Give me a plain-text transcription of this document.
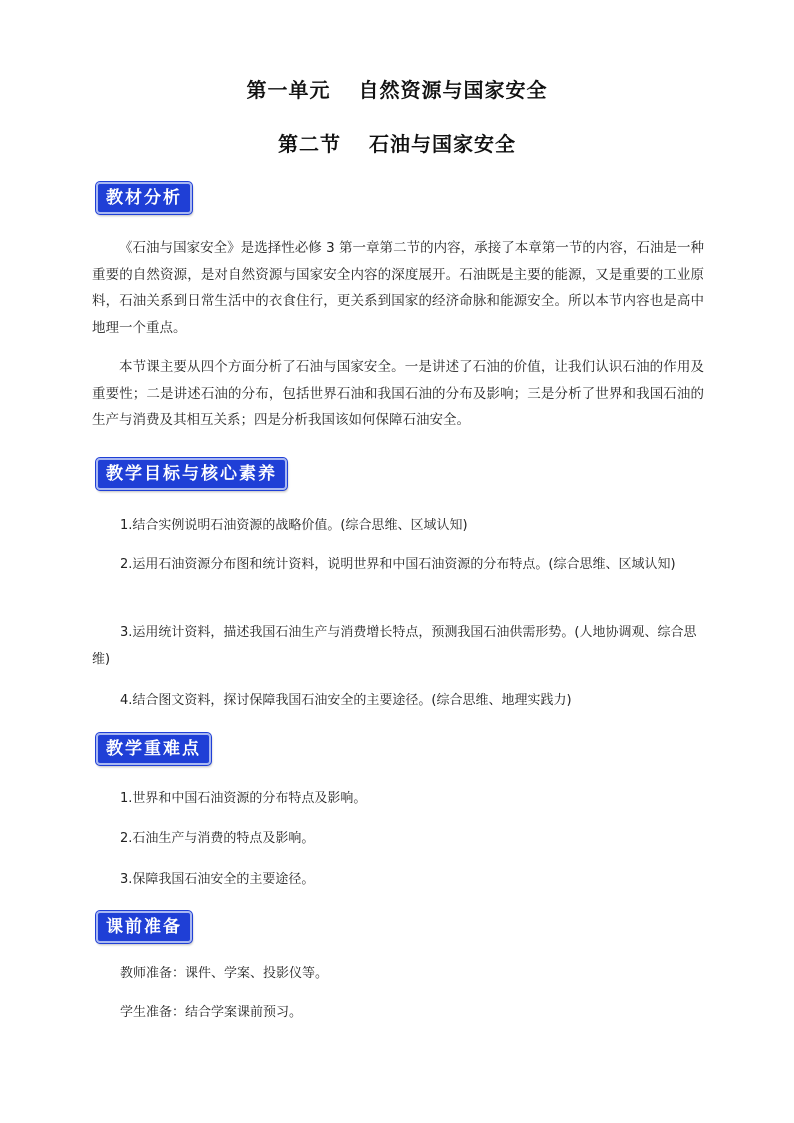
第一单元 自然资源与国家安全
第二节 石油与国家安全
教材分析

《石油与国家安全》是选择性必修 3 第一章第二节的内容，承接了本章第一节的内容，石油是一种重要的自然资源，是对自然资源与国家安全内容的深度展开。石油既是主要的能源，又是重要的工业原料，石油关系到日常生活中的衣食住行，更关系到国家的经济命脉和能源安全。所以本节内容也是高中地理一个重点。

本节课主要从四个方面分析了石油与国家安全。一是讲述了石油的价值，让我们认识石油的作用及重要性；二是讲述石油的分布，包括世界石油和我国石油的分布及影响；三是分析了世界和我国石油的生产与消费及其相互关系；四是分析我国该如何保障石油安全。

教学目标与核心素养

1.结合实例说明石油资源的战略价值。(综合思维、区域认知)

2.运用石油资源分布图和统计资料，说明世界和中国石油资源的分布特点。(综合思维、区域认知)

3.运用统计资料，描述我国石油生产与消费增长特点，预测我国石油供需形势。(人地协调观、综合思维)

4.结合图文资料，探讨保障我国石油安全的主要途径。(综合思维、地理实践力)

教学重难点

1.世界和中国石油资源的分布特点及影响。

2.石油生产与消费的特点及影响。

3.保障我国石油安全的主要途径。

课前准备

教师准备：课件、学案、投影仪等。

学生准备：结合学案课前预习。
